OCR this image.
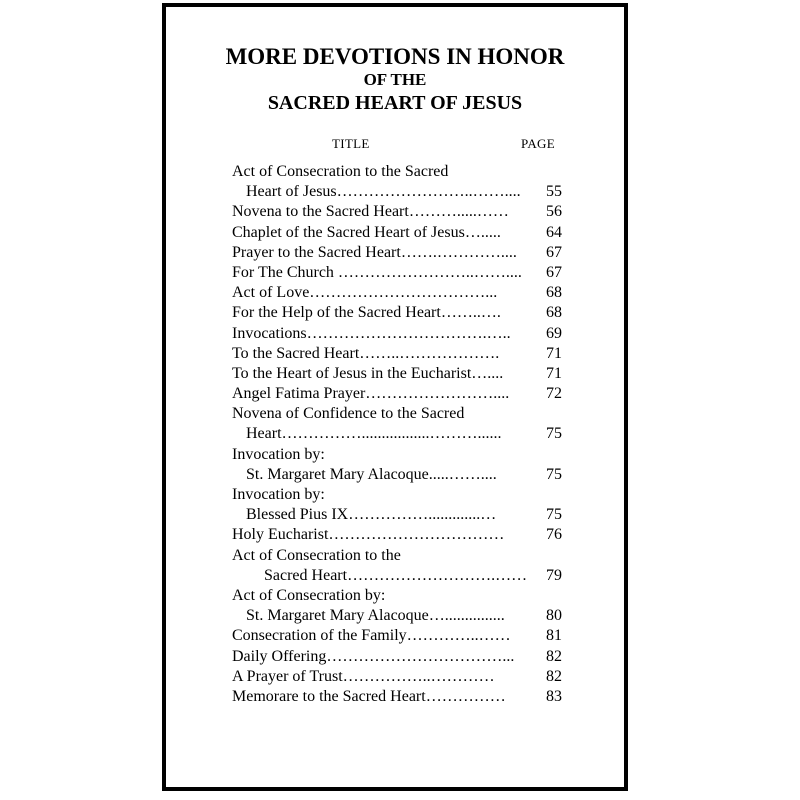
MORE DEVOTIONS IN HONOR
OF THE
SACRED HEART OF JESUS
TITLE	PAGE
Act of Consecration to the Sacred
Heart of Jesus……………………..…….... 55
Novena to the Sacred Heart……….....…… 56
Chaplet of the Sacred Heart of Jesus….....	64
Prayer to the Sacred Heart…….………….... 67
For The Church ……………………..…….... 67
Act of Love……………………………...	68
For the Help of the Sacred Heart……..….	68
Invocations…………………………….….. 69
To the Sacred Heart……..……………….	71
To the Heart of Jesus in the Eucharist…....	71
Angel Fatima Prayer…………………….... 72
Novena of Confidence to the Sacred
Heart…………….................………......	75
Invocation by:
St. Margaret Mary Alacoque.....……....	75
Invocation by:
Blessed Pius IX…………….............…	75
Holy Eucharist……………………………	76
Act of Consecration to the
Sacred Heart……………………….…… 79
Act of Consecration by:
St. Margaret Mary Alacoque…...............	80
Consecration of the Family…………..…… 81
Daily Offering……………………………... 82
A Prayer of Trust……………..…………	82
Memorare to the Sacred Heart……………	83
